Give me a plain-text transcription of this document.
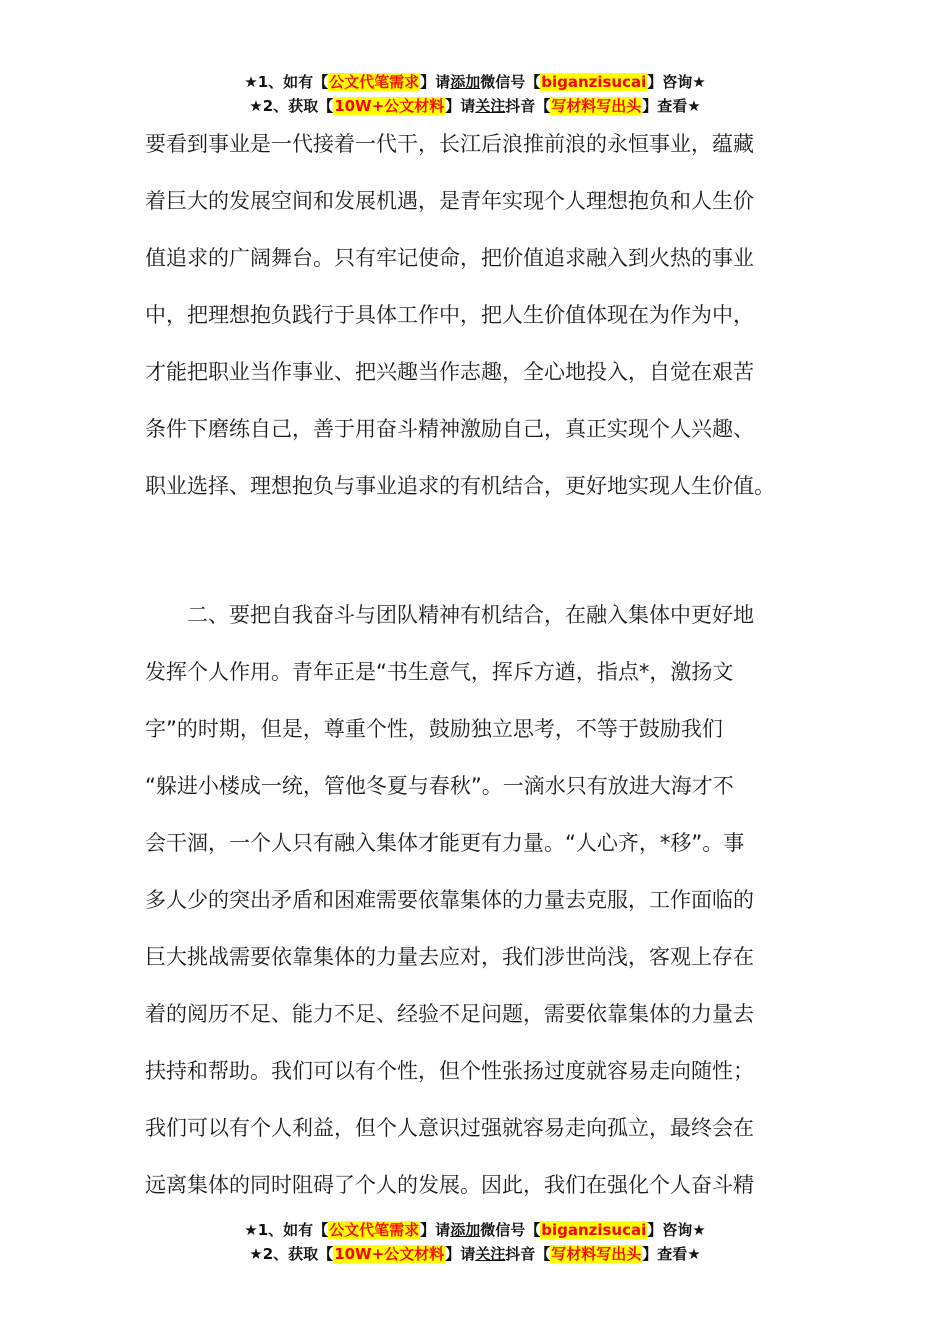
★1、如有【公文代笔需求】请添加微信号【biganzisucai】咨询★
★2、获取【10W+公文材料】请关注抖音【写材料写出头】查看★
要看到事业是一代接着一代干，长江后浪推前浪的永恒事业，蕴藏
着巨大的发展空间和发展机遇，是青年实现个人理想抱负和人生价
值追求的广阔舞台。只有牢记使命，把价值追求融入到火热的事业
中，把理想抱负践行于具体工作中，把人生价值体现在为作为中，
才能把职业当作事业、把兴趣当作志趣，全心地投入，自觉在艰苦
条件下磨练自己，善于用奋斗精神激励自己，真正实现个人兴趣、
职业选择、理想抱负与事业追求的有机结合，更好地实现人生价值。
　　二、要把自我奋斗与团队精神有机结合，在融入集体中更好地
发挥个人作用。青年正是“书生意气，挥斥方遒，指点*，激扬文
字”的时期，但是，尊重个性，鼓励独立思考，不等于鼓励我们
“躲进小楼成一统，管他冬夏与春秋”。一滴水只有放进大海才不
会干涸，一个人只有融入集体才能更有力量。“人心齐，*移”。事
多人少的突出矛盾和困难需要依靠集体的力量去克服，工作面临的
巨大挑战需要依靠集体的力量去应对，我们涉世尚浅，客观上存在
着的阅历不足、能力不足、经验不足问题，需要依靠集体的力量去
扶持和帮助。我们可以有个性，但个性张扬过度就容易走向随性；
我们可以有个人利益，但个人意识过强就容易走向孤立，最终会在
远离集体的同时阻碍了个人的发展。因此，我们在强化个人奋斗精
★1、如有【公文代笔需求】请添加微信号【biganzisucai】咨询★
★2、获取【10W+公文材料】请关注抖音【写材料写出头】查看★
